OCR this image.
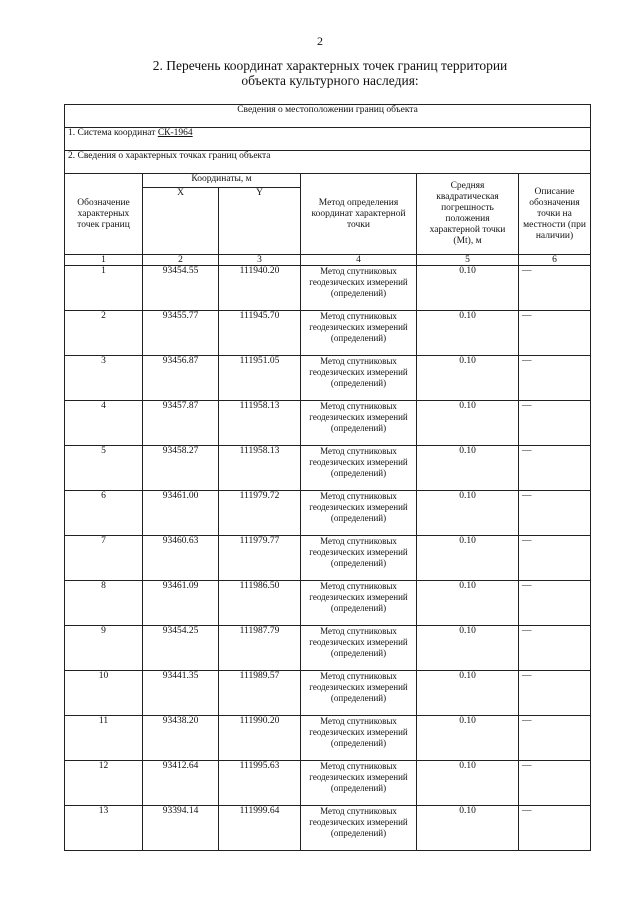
2
2. Перечень координат характерных точек границ территории
объекта культурного наследия:
Сведения о местоположении границ объекта					
1. Система координат СК-1964					
2. Сведения о характерных точках границ объекта					
Обозначение характерных точек границ	Координаты, м		Метод определения координат характерной точки	Средняя квадратическая погрешность положения характерной точки (Mt), м	Описание обозначения точки на местности (при наличии)
	X	Y			
1	2	3	4	5	6
1	93454.55	111940.20	Метод спутниковых геодезических измерений (определений)	0.10	—
2	93455.77	111945.70	Метод спутниковых геодезических измерений (определений)	0.10	—
3	93456.87	111951.05	Метод спутниковых геодезических измерений (определений)	0.10	—
4	93457.87	111958.13	Метод спутниковых геодезических измерений (определений)	0.10	—
5	93458.27	111958.13	Метод спутниковых геодезических измерений (определений)	0.10	—
6	93461.00	111979.72	Метод спутниковых геодезических измерений (определений)	0.10	—
7	93460.63	111979.77	Метод спутниковых геодезических измерений (определений)	0.10	—
8	93461.09	111986.50	Метод спутниковых геодезических измерений (определений)	0.10	—
9	93454.25	111987.79	Метод спутниковых геодезических измерений (определений)	0.10	—
10	93441.35	111989.57	Метод спутниковых геодезических измерений (определений)	0.10	—
11	93438.20	111990.20	Метод спутниковых геодезических измерений (определений)	0.10	—
12	93412.64	111995.63	Метод спутниковых геодезических измерений (определений)	0.10	—
13	93394.14	111999.64	Метод спутниковых геодезических измерений (определений)	0.10	—
